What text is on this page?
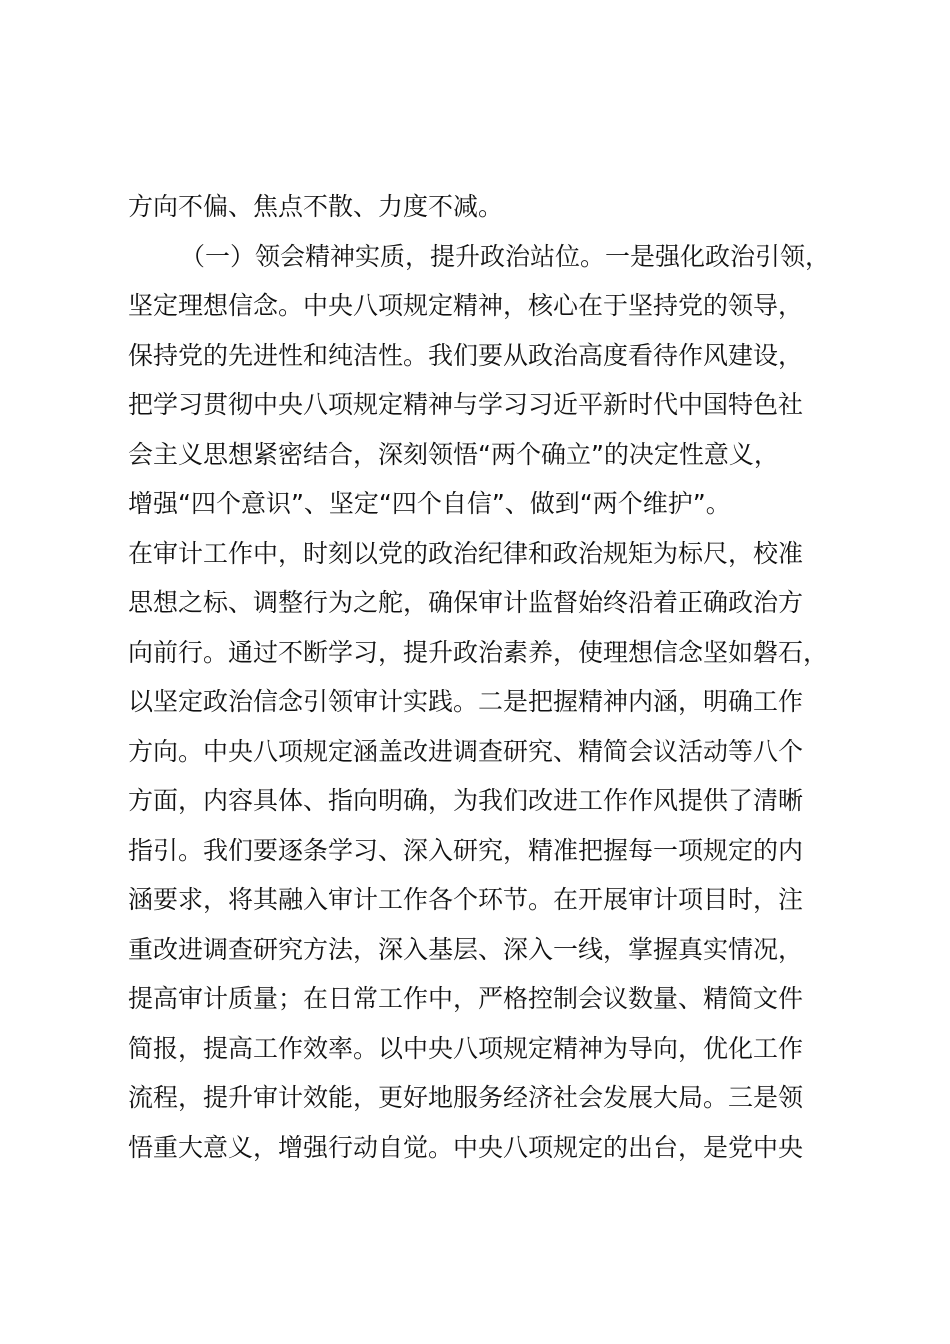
方向不偏、焦点不散、力度不减。
（一）领会精神实质，提升政治站位。一是强化政治引领，
坚定理想信念。中央八项规定精神，核心在于坚持党的领导，
保持党的先进性和纯洁性。我们要从政治高度看待作风建设，
把学习贯彻中央八项规定精神与学习习近平新时代中国特色社
会主义思想紧密结合，深刻领悟“两个确立”的决定性意义，
增强“四个意识”、坚定“四个自信”、做到“两个维护”。
在审计工作中，时刻以党的政治纪律和政治规矩为标尺，校准
思想之标、调整行为之舵，确保审计监督始终沿着正确政治方
向前行。通过不断学习，提升政治素养，使理想信念坚如磐石，
以坚定政治信念引领审计实践。二是把握精神内涵，明确工作
方向。中央八项规定涵盖改进调查研究、精简会议活动等八个
方面，内容具体、指向明确，为我们改进工作作风提供了清晰
指引。我们要逐条学习、深入研究，精准把握每一项规定的内
涵要求，将其融入审计工作各个环节。在开展审计项目时，注
重改进调查研究方法，深入基层、深入一线，掌握真实情况，
提高审计质量；在日常工作中，严格控制会议数量、精简文件
简报，提高工作效率。以中央八项规定精神为导向，优化工作
流程，提升审计效能，更好地服务经济社会发展大局。三是领
悟重大意义，增强行动自觉。中央八项规定的出台，是党中央
